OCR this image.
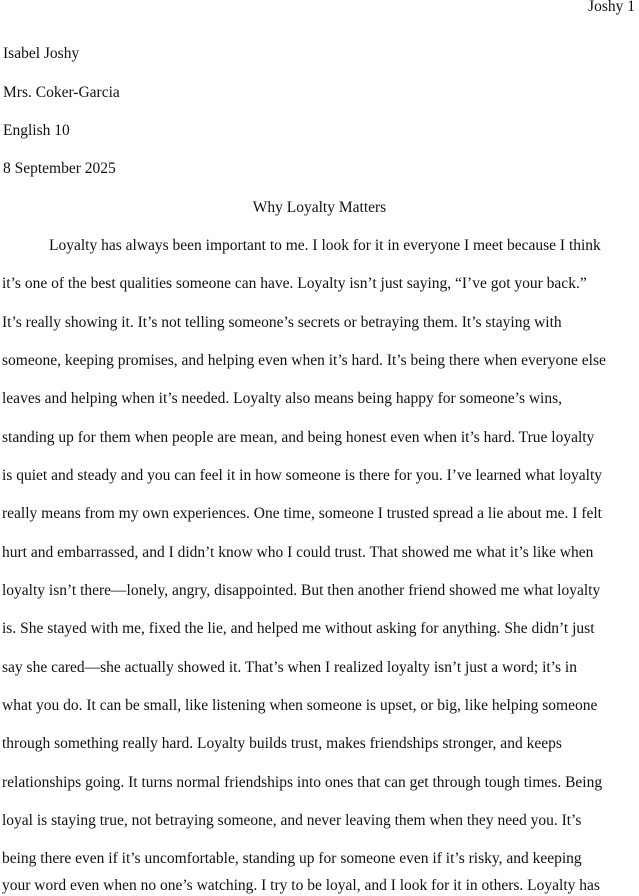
Joshy 1
Isabel Joshy
Mrs. Coker-Garcia
English 10
8 September 2025
Why Loyalty Matters
Loyalty has always been important to me. I look for it in everyone I meet because I think
it’s one of the best qualities someone can have. Loyalty isn’t just saying, “I’ve got your back.”
It’s really showing it. It’s not telling someone’s secrets or betraying them. It’s staying with
someone, keeping promises, and helping even when it’s hard. It’s being there when everyone else
leaves and helping when it’s needed. Loyalty also means being happy for someone’s wins,
standing up for them when people are mean, and being honest even when it’s hard. True loyalty
is quiet and steady and you can feel it in how someone is there for you. I’ve learned what loyalty
really means from my own experiences. One time, someone I trusted spread a lie about me. I felt
hurt and embarrassed, and I didn’t know who I could trust. That showed me what it’s like when
loyalty isn’t there—lonely, angry, disappointed. But then another friend showed me what loyalty
is. She stayed with me, fixed the lie, and helped me without asking for anything. She didn’t just
say she cared—she actually showed it. That’s when I realized loyalty isn’t just a word; it’s in
what you do. It can be small, like listening when someone is upset, or big, like helping someone
through something really hard. Loyalty builds trust, makes friendships stronger, and keeps
relationships going. It turns normal friendships into ones that can get through tough times. Being
loyal is staying true, not betraying someone, and never leaving them when they need you. It’s
being there even if it’s uncomfortable, standing up for someone even if it’s risky, and keeping
your word even when no one’s watching. I try to be loyal, and I look for it in others. Loyalty has
